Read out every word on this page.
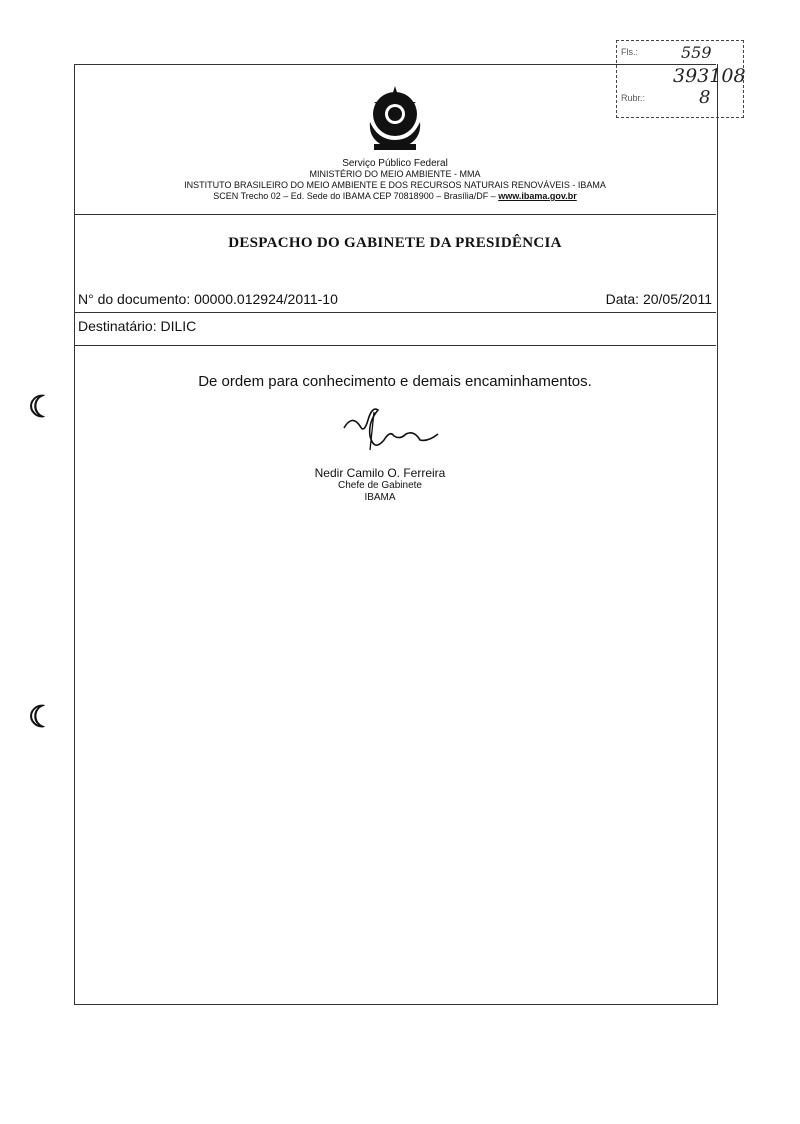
Serviço Público Federal
MINISTÉRIO DO MEIO AMBIENTE - MMA
INSTITUTO BRASILEIRO DO MEIO AMBIENTE E DOS RECURSOS NATURAIS RENOVÁVEIS - IBAMA
SCEN Trecho 02 – Ed. Sede do IBAMA CEP 70818900 – Brasília/DF – www.ibama.gov.br
DESPACHO DO GABINETE DA PRESIDÊNCIA
N° do documento: 00000.012924/2011-10	Data: 20/05/2011
Destinatário: DILIC
De ordem para conhecimento e demais encaminhamentos.
Nedir Camilo O. Ferreira
Chefe de Gabinete
IBAMA
Fls.:	559
393108
Rubr.:	8
☾
☾
